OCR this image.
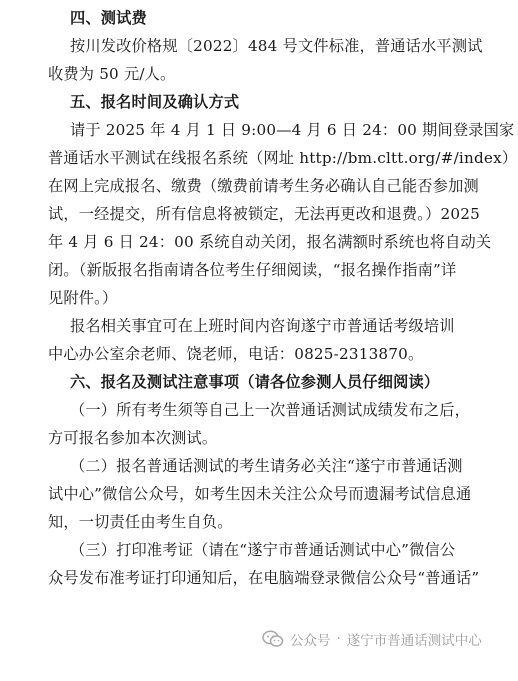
四、测试费
按川发改价格规〔2022〕484 号文件标准，普通话水平测试
收费为 50 元/人。
五、报名时间及确认方式
请于 2025 年 4 月 1 日 9:00—4 月 6 日 24：00 期间登录国家
普通话水平测试在线报名系统（网址 http://bm.cltt.org/#/index）
在网上完成报名、缴费（缴费前请考生务必确认自己能否参加测
试，一经提交，所有信息将被锁定，无法再更改和退费。）2025
年 4 月 6 日 24：00 系统自动关闭，报名满额时系统也将自动关
闭。（新版报名指南请各位考生仔细阅读，“报名操作指南”详
见附件。）
报名相关事宜可在上班时间内咨询遂宁市普通话考级培训
中心办公室余老师、饶老师，电话：0825-2313870。
六、报名及测试注意事项（请各位参测人员仔细阅读）
（一）所有考生须等自己上一次普通话测试成绩发布之后，
方可报名参加本次测试。
（二）报名普通话测试的考生请务必关注“遂宁市普通话测
试中心”微信公众号，如考生因未关注公众号而遗漏考试信息通
知，一切责任由考生自负。
（三）打印准考证（请在“遂宁市普通话测试中心”微信公
众号发布准考证打印通知后，在电脑端登录微信公众号“普通话”
公众号 · 遂宁市普通话测试中心
